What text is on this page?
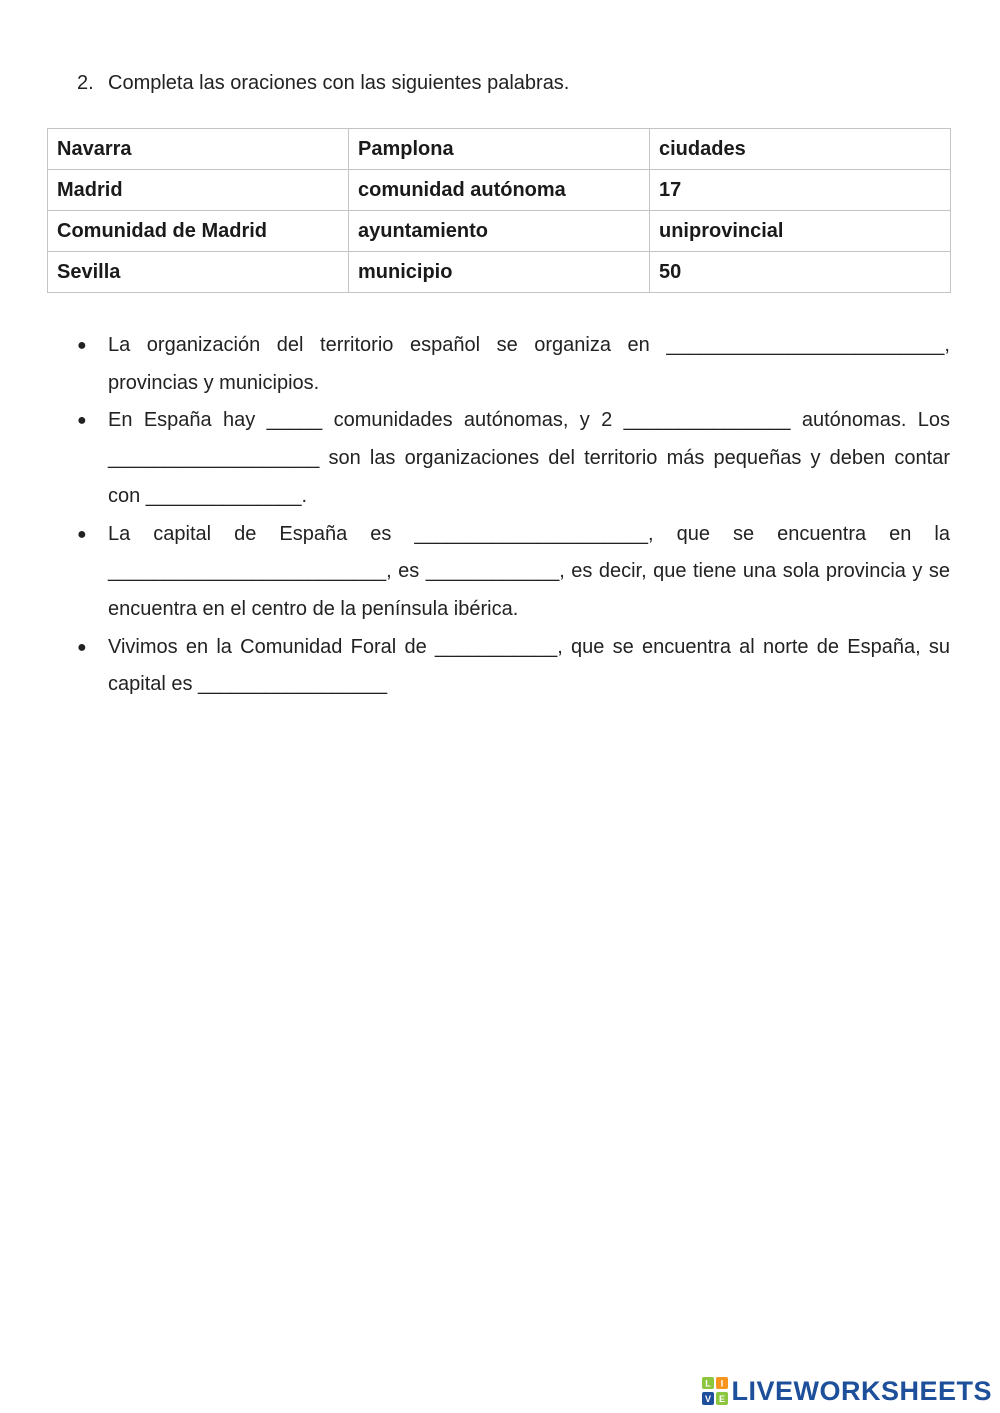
2. Completa las oraciones con las siguientes palabras.
Navarra	Pamplona	ciudades
Madrid	comunidad autónoma	17
Comunidad de Madrid	ayuntamiento	uniprovincial
Sevilla	municipio	50
● La organización del territorio español se organiza en _________________________, provincias y municipios.
● En España hay _____ comunidades autónomas, y 2 _______________ autónomas. Los ___________________ son las organizaciones del territorio más pequeñas y deben contar con ______________.
● La capital de España es _____________________, que se encuentra en la _________________________, es ____________, es decir, que tiene una sola provincia y se encuentra en el centro de la península ibérica.
● Vivimos en la Comunidad Foral de ___________, que se encuentra al norte de España, su capital es _________________
L I
V E LIVEWORKSHEETS
